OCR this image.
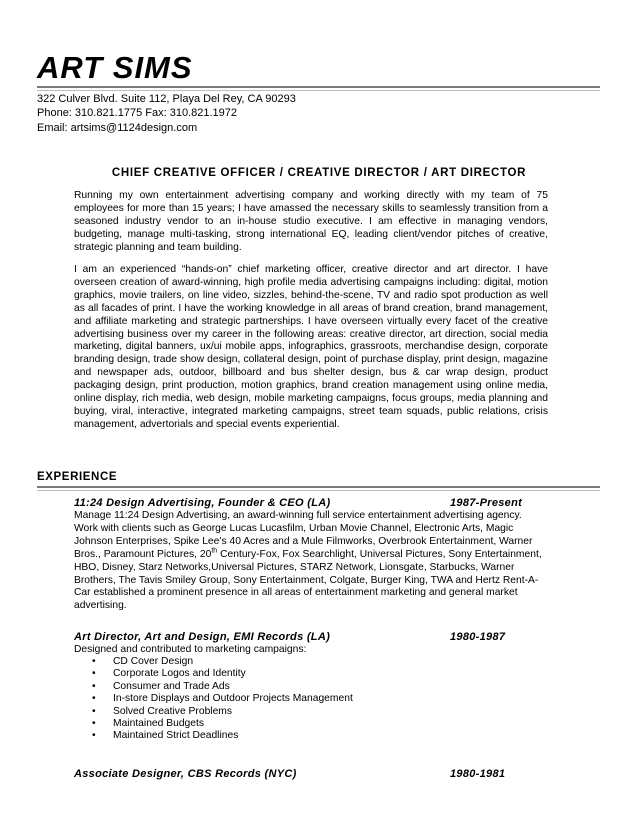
ART SIMS
322 Culver Blvd. Suite 112, Playa Del Rey, CA 90293
Phone: 310.821.1775 Fax: 310.821.1972
Email: artsims@1124design.com
CHIEF CREATIVE OFFICER / CREATIVE DIRECTOR / ART DIRECTOR
Running my own entertainment advertising company and working directly with my team of 75 employees for more than 15 years; I have amassed the necessary skills to seamlessly transition from a seasoned industry vendor to an in-house studio executive. I am effective in managing vendors, budgeting, manage multi-tasking, strong international EQ, leading client/vendor pitches of creative, strategic planning and team building.
I am an experienced “hands-on” chief marketing officer, creative director and art director. I have overseen creation of award-winning, high profile media advertising campaigns including: digital, motion graphics, movie trailers, on line video, sizzles, behind-the-scene, TV and radio spot production as well as all facades of print. I have the working knowledge in all areas of brand creation, brand management, and affiliate marketing and strategic partnerships. I have overseen virtually every facet of the creative advertising business over my career in the following areas: creative director, art direction, social media marketing, digital banners, ux/ui mobile apps, infographics, grassroots, merchandise design, corporate branding design, trade show design, collateral design, point of purchase display, print design, magazine and newspaper ads, outdoor, billboard and bus shelter design, bus & car wrap design, product packaging design, print production, motion graphics, brand creation management using online media, online display, rich media, web design, mobile marketing campaigns, focus groups, media planning and buying, viral, interactive, integrated marketing campaigns, street team squads, public relations, crisis management, advertorials and special events experiential.
EXPERIENCE
11:24 Design Advertising, Founder & CEO (LA)	1987-Present
Manage 11:24 Design Advertising, an award-winning full service entertainment advertising agency. Work with clients such as George Lucas Lucasfilm, Urban Movie Channel, Electronic Arts, Magic Johnson Enterprises, Spike Lee’s 40 Acres and a Mule Filmworks, Overbrook Entertainment, Warner Bros., Paramount Pictures, 20th Century-Fox, Fox Searchlight, Universal Pictures, Sony Entertainment, HBO, Disney, Starz Networks,Universal Pictures, STARZ Network, Lionsgate, Starbucks, Warner Brothers, The Tavis Smiley Group, Sony Entertainment, Colgate, Burger King, TWA and Hertz Rent-A-Car established a prominent presence in all areas of entertainment marketing and general market advertising.
Art Director, Art and Design, EMI Records (LA)	1980-1987
Designed and contributed to marketing campaigns:
• CD Cover Design
• Corporate Logos and Identity
• Consumer and Trade Ads
• In-store Displays and Outdoor Projects Management
• Solved Creative Problems
• Maintained Budgets
• Maintained Strict Deadlines
Associate Designer, CBS Records (NYC)	1980-1981
